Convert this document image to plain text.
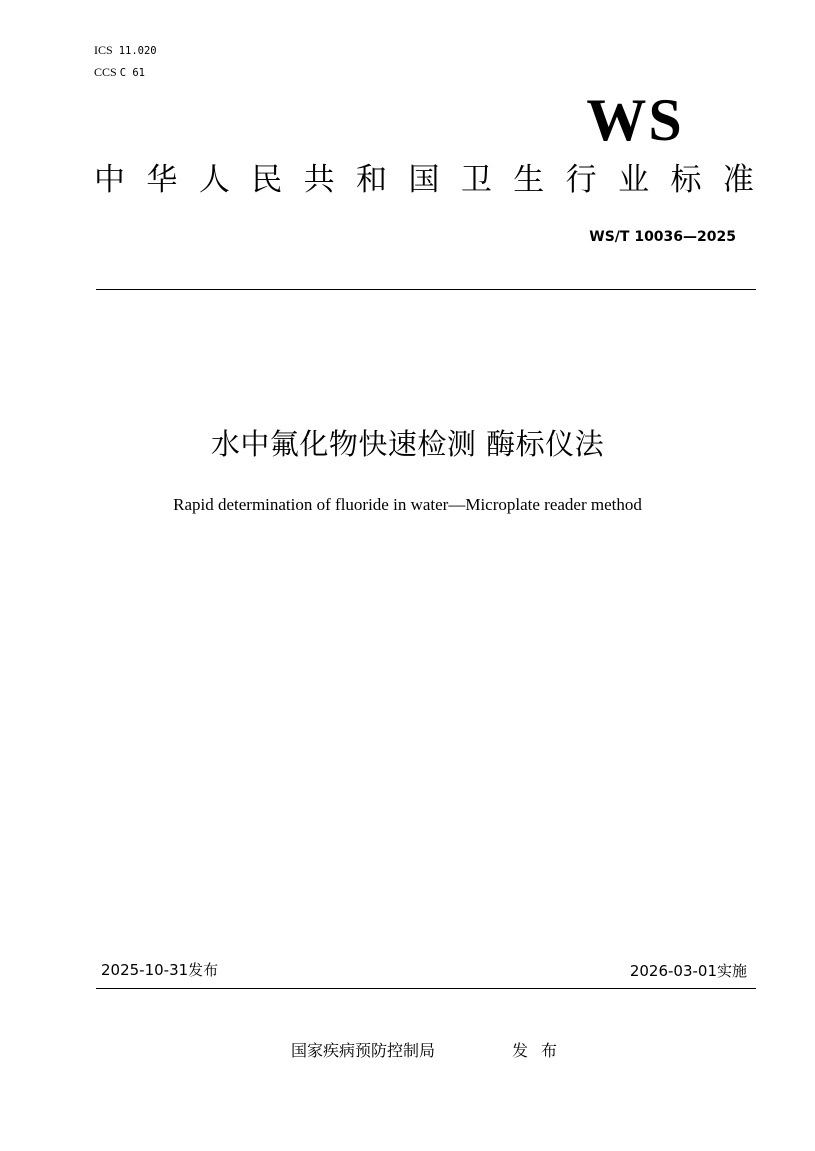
ICS 11.020
CCS C 61
WS
中 华 人 民 共 和 国 卫 生 行 业 标 准
WS/T 10036—2025
水中氟化物快速检测 酶标仪法
Rapid determination of fluoride in water—Microplate reader method
2025-10-31发布	2026-03-01实施
国家疾病预防控制局	发布
